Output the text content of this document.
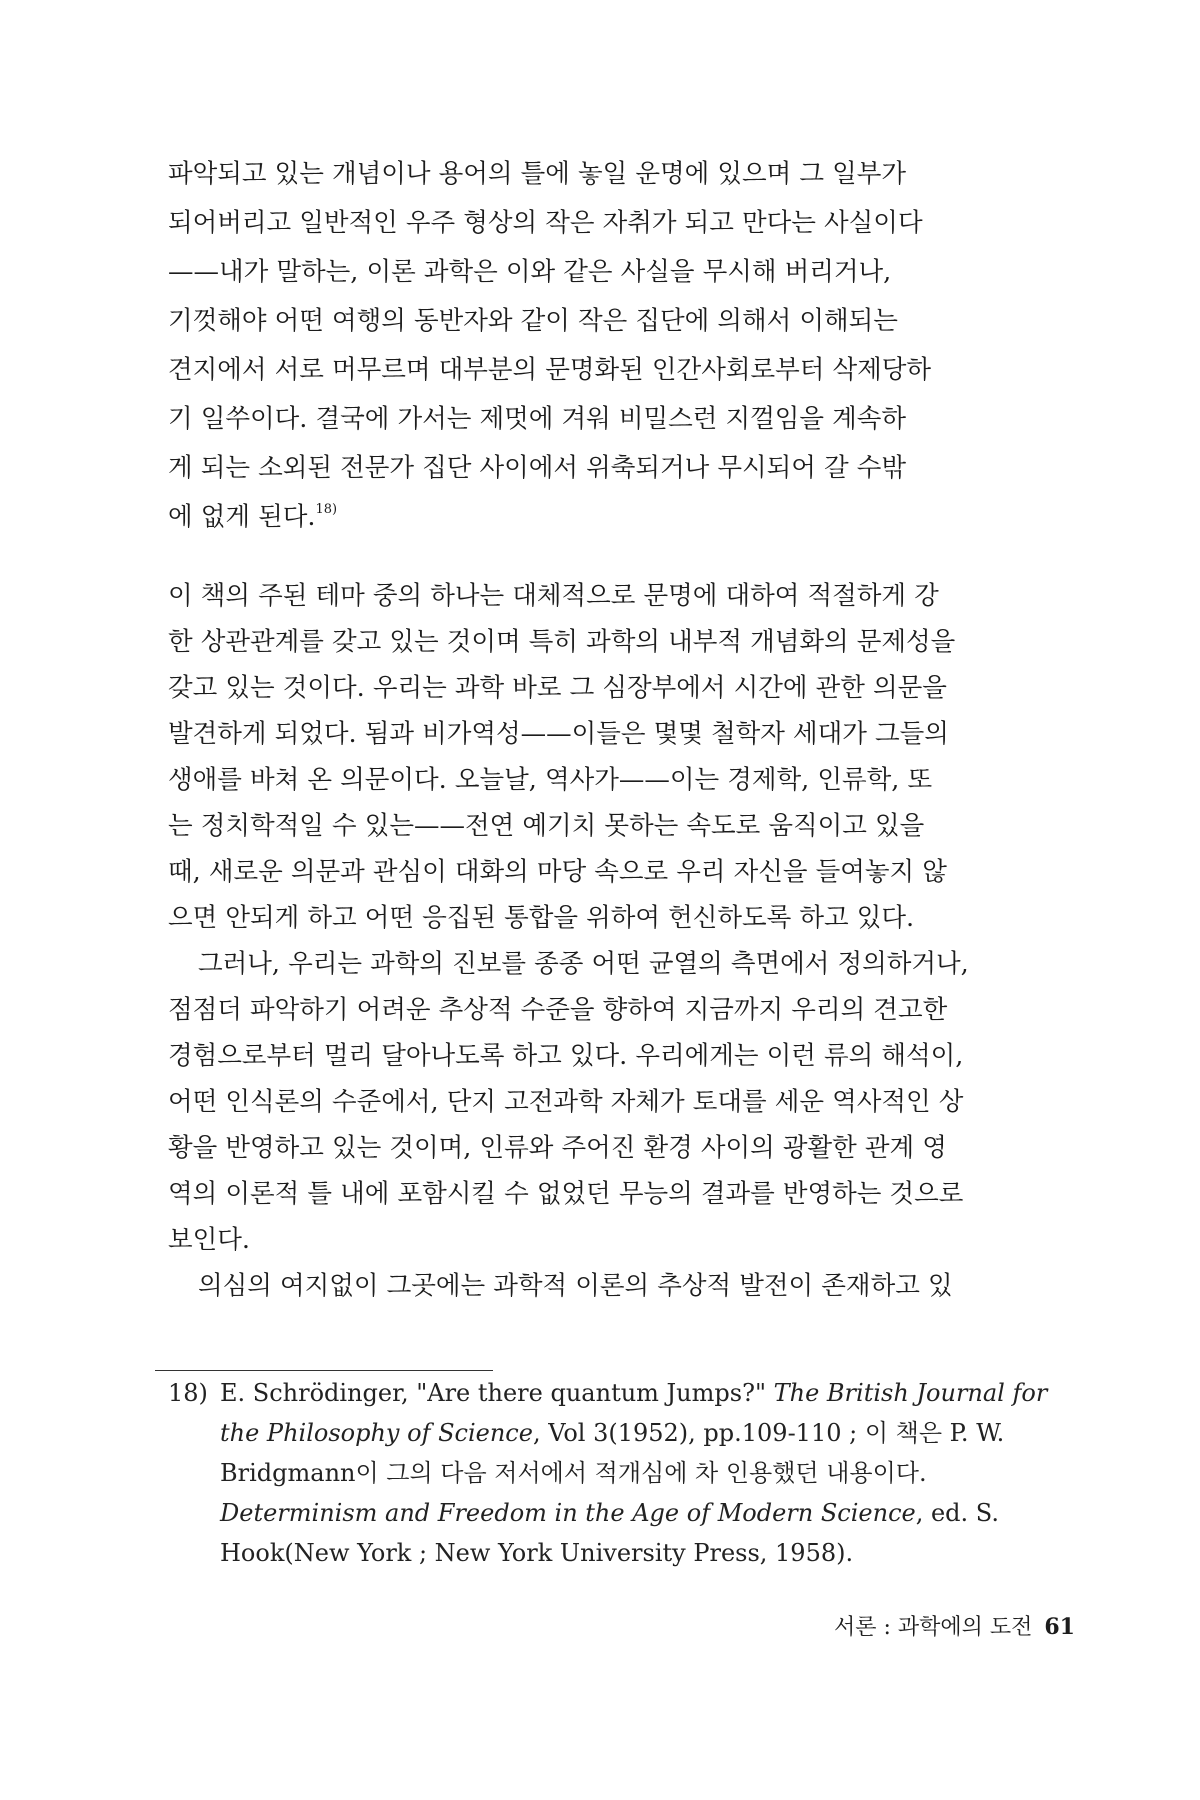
파악되고 있는 개념이나 용어의 틀에 놓일 운명에 있으며 그 일부가
되어버리고 일반적인 우주 형상의 작은 자취가 되고 만다는 사실이다
——내가 말하는, 이론 과학은 이와 같은 사실을 무시해 버리거나,
기껏해야 어떤 여행의 동반자와 같이 작은 집단에 의해서 이해되는
견지에서 서로 머무르며 대부분의 문명화된 인간사회로부터 삭제당하
기 일쑤이다. 결국에 가서는 제멋에 겨워 비밀스런 지껄임을 계속하
게 되는 소외된 전문가 집단 사이에서 위축되거나 무시되어 갈 수밖
에 없게 된다.$^{18)}$
이 책의 주된 테마 중의 하나는 대체적으로 문명에 대하여 적절하게 강
한 상관관계를 갖고 있는 것이며 특히 과학의 내부적 개념화의 문제성을
갖고 있는 것이다. 우리는 과학 바로 그 심장부에서 시간에 관한 의문을
발견하게 되었다. 됨과 비가역성——이들은 몇몇 철학자 세대가 그들의
생애를 바쳐 온 의문이다. 오늘날, 역사가——이는 경제학, 인류학, 또
는 정치학적일 수 있는——전연 예기치 못하는 속도로 움직이고 있을
때, 새로운 의문과 관심이 대화의 마당 속으로 우리 자신을 들여놓지 않
으면 안되게 하고 어떤 응집된 통합을 위하여 헌신하도록 하고 있다.
그러나, 우리는 과학의 진보를 종종 어떤 균열의 측면에서 정의하거나,
점점더 파악하기 어려운 추상적 수준을 향하여 지금까지 우리의 견고한
경험으로부터 멀리 달아나도록 하고 있다. 우리에게는 이런 류의 해석이,
어떤 인식론의 수준에서, 단지 고전과학 자체가 토대를 세운 역사적인 상
황을 반영하고 있는 것이며, 인류와 주어진 환경 사이의 광활한 관계 영
역의 이론적 틀 내에 포함시킬 수 없었던 무능의 결과를 반영하는 것으로
보인다.
의심의 여지없이 그곳에는 과학적 이론의 추상적 발전이 존재하고 있
18) E. Schrödinger, "Are there quantum Jumps?" The British Journal for
the Philosophy of Science, Vol 3(1952), pp.109-110 ; 이 책은 P. W.
Bridgmann이 그의 다음 저서에서 적개심에 차 인용했던 내용이다.
Determinism and Freedom in the Age of Modern Science, ed. S.
Hook(New York ; New York University Press, 1958).
서론 : 과학에의 도전 61
